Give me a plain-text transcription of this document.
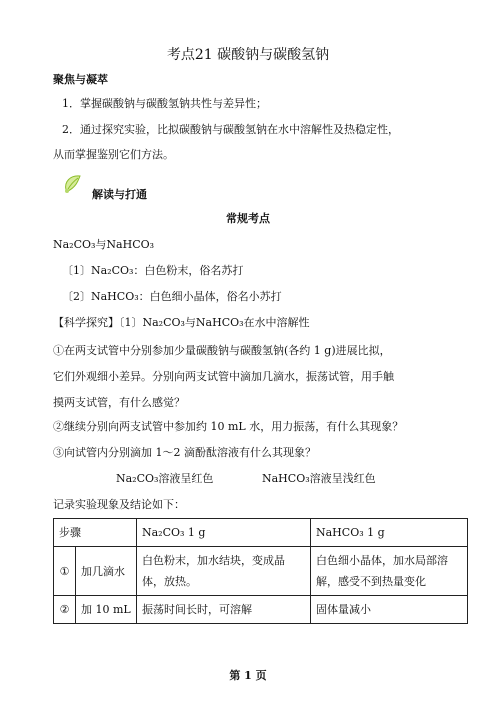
考点21 碳酸钠与碳酸氢钠
聚焦与凝萃
1．掌握碳酸钠与碳酸氢钠共性与差异性；
2．通过探究实验，比拟碳酸钠与碳酸氢钠在水中溶解性及热稳定性，
从而掌握鉴别它们方法。
解读与打通
常规考点
Na₂CO₃与NaHCO₃
〔1〕Na₂CO₃：白色粉末，俗名苏打
〔2〕NaHCO₃：白色细小晶体，俗名小苏打
【科学探究】〔1〕Na₂CO₃与NaHCO₃在水中溶解性
①在两支试管中分别参加少量碳酸钠与碳酸氢钠(各约 1 g)进展比拟，
它们外观细小差异。分别向两支试管中滴加几滴水，振荡试管，用手触
摸两支试管，有什么感觉？
②继续分别向两支试管中参加约 10 mL 水，用力振荡，有什么其现象？
③向试管内分别滴加 1～2 滴酚酞溶液有什么其现象？
Na₂CO₃溶液呈红色	NaHCO₃溶液呈浅红色
记录实验现象及结论如下：
步骤		Na₂CO₃ 1 g	NaHCO₃ 1 g
①	加几滴水	白色粉末，加水结块，变成晶体，放热。	白色细小晶体，加水局部溶解，感受不到热量变化
②	加 10 mL	振荡时间长时，可溶解	固体量减小
第 1 页
